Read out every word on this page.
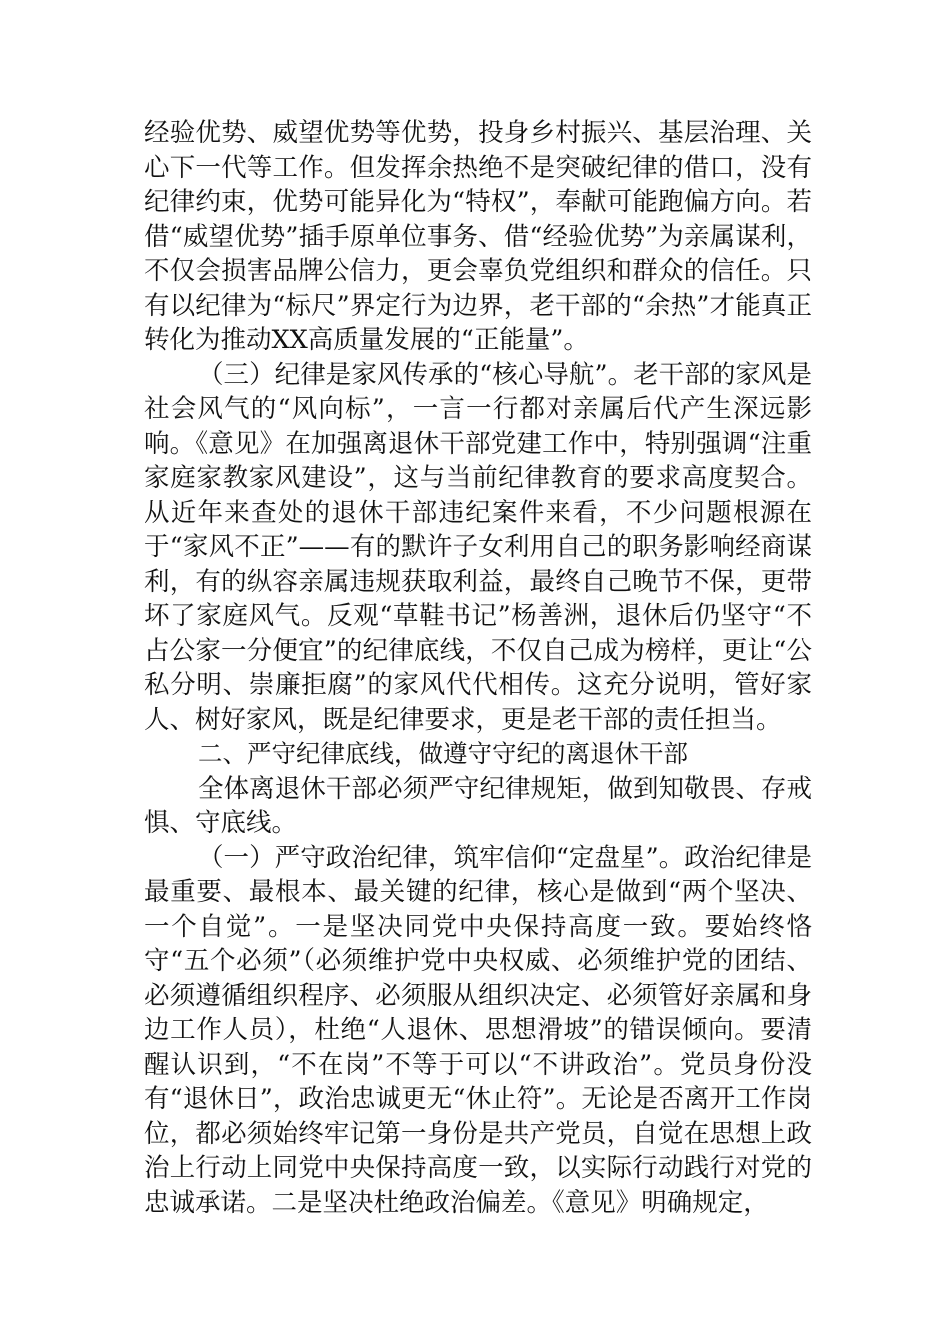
经验优势、威望优势等优势，投身乡村振兴、基层治理、关心下一代等工作。但发挥余热绝不是突破纪律的借口，没有纪律约束，优势可能异化为“特权”，奉献可能跑偏方向。若借“威望优势”插手原单位事务、借“经验优势”为亲属谋利，不仅会损害品牌公信力，更会辜负党组织和群众的信任。只有以纪律为“标尺”界定行为边界，老干部的“余热”才能真正转化为推动XX高质量发展的“正能量”。

（三）纪律是家风传承的“核心导航”。老干部的家风是社会风气的“风向标”，一言一行都对亲属后代产生深远影响。《意见》在加强离退休干部党建工作中，特别强调“注重家庭家教家风建设”，这与当前纪律教育的要求高度契合。从近年来查处的退休干部违纪案件来看，不少问题根源在于“家风不正”——有的默许子女利用自己的职务影响经商谋利，有的纵容亲属违规获取利益，最终自己晚节不保，更带坏了家庭风气。反观“草鞋书记”杨善洲，退休后仍坚守“不占公家一分便宜”的纪律底线，不仅自己成为榜样，更让“公私分明、崇廉拒腐”的家风代代相传。这充分说明，管好家人、树好家风，既是纪律要求，更是老干部的责任担当。

二、严守纪律底线，做遵守守纪的离退休干部

全体离退休干部必须严守纪律规矩，做到知敬畏、存戒惧、守底线。

（一）严守政治纪律，筑牢信仰“定盘星”。政治纪律是最重要、最根本、最关键的纪律，核心是做到“两个坚决、一个自觉”。一是坚决同党中央保持高度一致。要始终恪守“五个必须”（必须维护党中央权威、必须维护党的团结、必须遵循组织程序、必须服从组织决定、必须管好亲属和身边工作人员），杜绝“人退休、思想滑坡”的错误倾向。要清醒认识到，“不在岗”不等于可以“不讲政治”。党员身份没有“退休日”，政治忠诚更无“休止符”。无论是否离开工作岗位，都必须始终牢记第一身份是共产党员，自觉在思想上政治上行动上同党中央保持高度一致，以实际行动践行对党的忠诚承诺。二是坚决杜绝政治偏差。《意见》明确规定，
